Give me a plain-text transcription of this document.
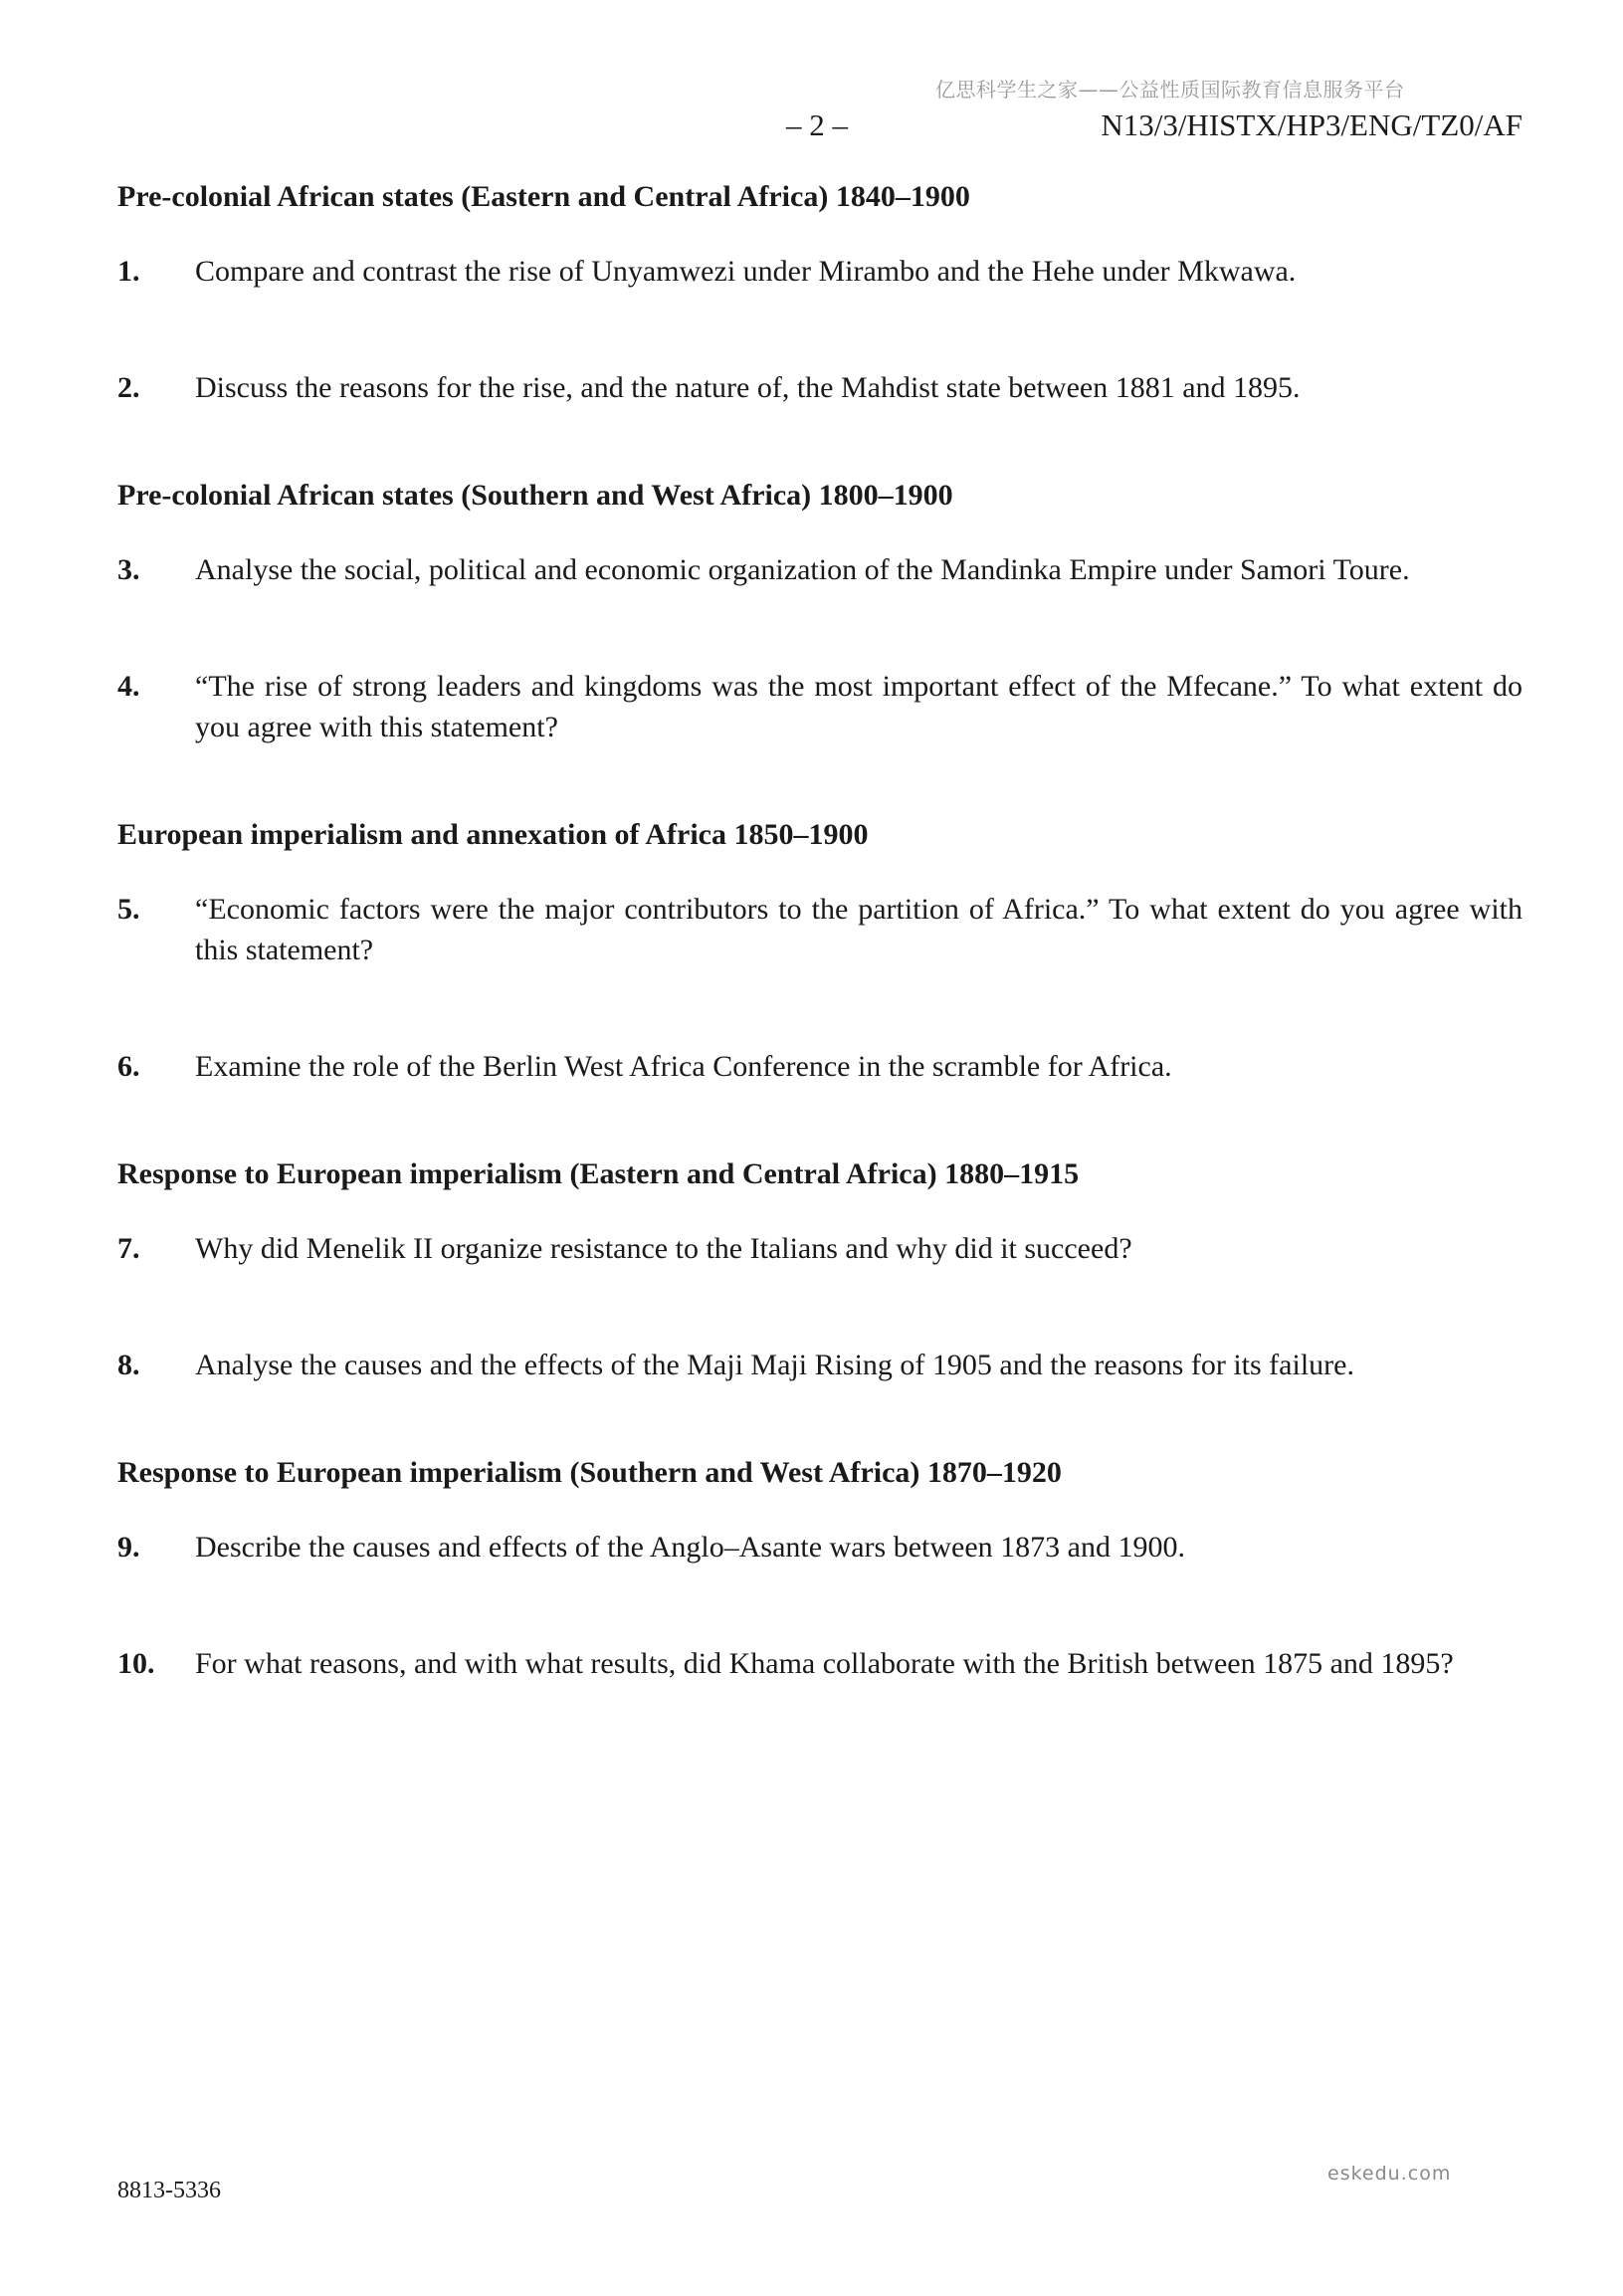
亿思科学生之家——公益性质国际教育信息服务平台
– 2 –	N13/3/HISTX/HP3/ENG/TZ0/AF
Pre-colonial African states (Eastern and Central Africa) 1840–1900
1.	Compare and contrast the rise of Unyamwezi under Mirambo and the Hehe under Mkwawa.
2.	Discuss the reasons for the rise, and the nature of, the Mahdist state between 1881 and 1895.
Pre-colonial African states (Southern and West Africa) 1800–1900
3.	Analyse the social, political and economic organization of the Mandinka Empire under Samori Toure.
4.	“The rise of strong leaders and kingdoms was the most important effect of the Mfecane.” To what extent do you agree with this statement?
European imperialism and annexation of Africa 1850–1900
5.	“Economic factors were the major contributors to the partition of Africa.” To what extent do you agree with this statement?
6.	Examine the role of the Berlin West Africa Conference in the scramble for Africa.
Response to European imperialism (Eastern and Central Africa) 1880–1915
7.	Why did Menelik II organize resistance to the Italians and why did it succeed?
8.	Analyse the causes and the effects of the Maji Maji Rising of 1905 and the reasons for its failure.
Response to European imperialism (Southern and West Africa) 1870–1920
9.	Describe the causes and effects of the Anglo–Asante wars between 1873 and 1900.
10.	For what reasons, and with what results, did Khama collaborate with the British between 1875 and 1895?
eskedu.com
8813-5336
